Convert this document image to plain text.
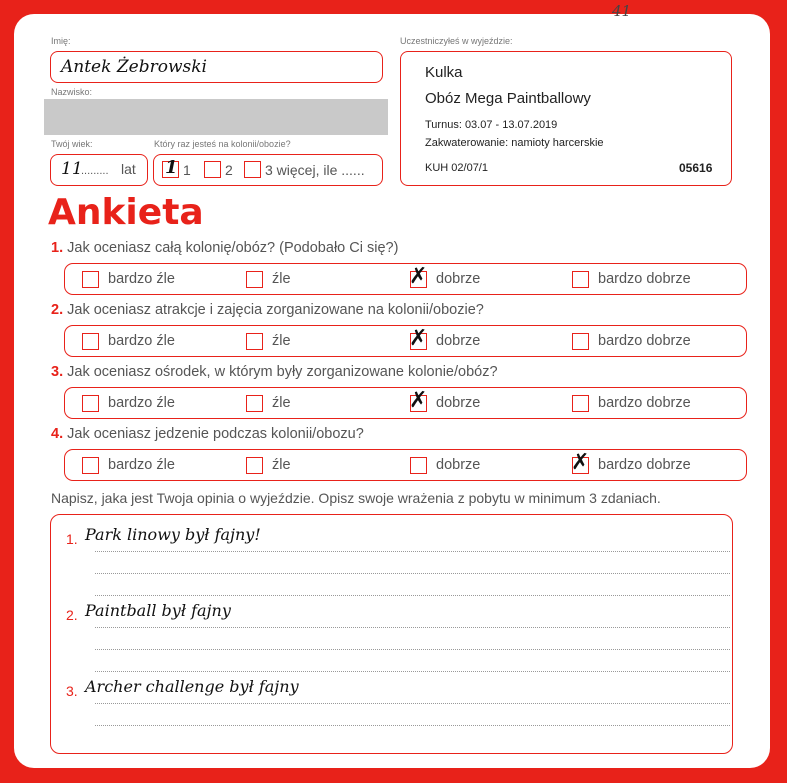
41
Imię:
Antek Żebrowski
Nazwisko:
Twój wiek:
11
......... lat
Który raz jesteś na kolonii/obozie?
1 1 2 3 więcej, ile ......
Uczestniczyłeś w wyjeździe:
Kulka
Obóz Mega Paintballowy
Turnus: 03.07 - 13.07.2019
Zakwaterowanie: namioty harcerskie
KUH 02/07/1	05616
Ankieta
1. Jak oceniasz całą kolonię/obóz? (Podobało Ci się?)
bardzo źle	źle	✗ dobrze	bardzo dobrze
2. Jak oceniasz atrakcje i zajęcia zorganizowane na kolonii/obozie?
bardzo źle	źle	✗ dobrze	bardzo dobrze
3. Jak oceniasz ośrodek, w którym były zorganizowane kolonie/obóz?
bardzo źle	źle	✗ dobrze	bardzo dobrze
4. Jak oceniasz jedzenie podczas kolonii/obozu?
bardzo źle	źle	dobrze	✗ bardzo dobrze
Napisz, jaka jest Twoja opinia o wyjeździe. Opisz swoje wrażenia z pobytu w minimum 3 zdaniach.
1. Park linowy był fajny!
2. Paintball był fajny
3. Archer challenge był fajny
